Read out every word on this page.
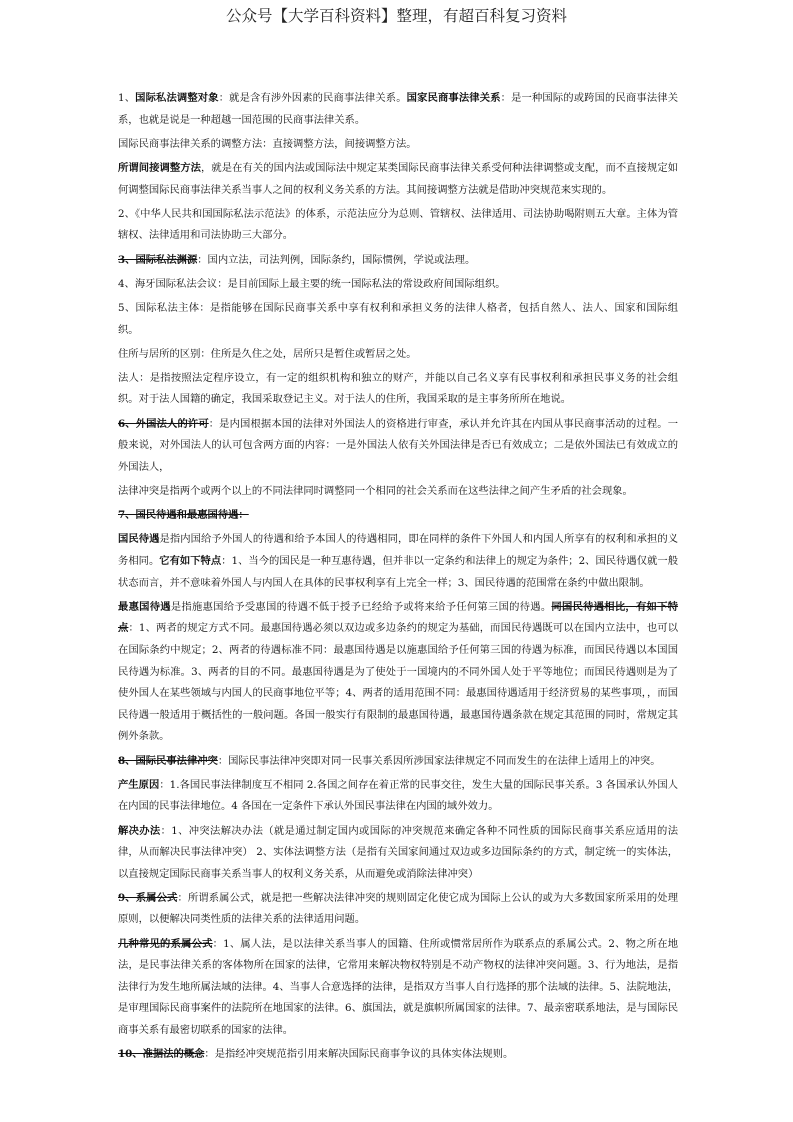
公众号【大学百科资料】整理，有超百科复习资料

1、国际私法调整对象：就是含有涉外因素的民商事法律关系。国家民商事法律关系：是一种国际的或跨国的民商事法律关系，也就是说是一种超越一国范围的民商事法律关系。

国际民商事法律关系的调整方法：直接调整方法，间接调整方法。

所谓间接调整方法，就是在有关的国内法或国际法中规定某类国际民商事法律关系受何种法律调整或支配，而不直接规定如何调整国际民商事法律关系当事人之间的权利义务关系的方法。其间接调整方法就是借助冲突规范来实现的。

2、《中华人民共和国国际私法示范法》的体系，示范法应分为总则、管辖权、法律适用、司法协助喝附则五大章。主体为管辖权、法律适用和司法协助三大部分。

3、国际私法渊源：国内立法，司法判例，国际条约，国际惯例，学说或法理。

4、海牙国际私法会议：是目前国际上最主要的统一国际私法的常设政府间国际组织。

5、国际私法主体：是指能够在国际民商事关系中享有权利和承担义务的法律人格者，包括自然人、法人、国家和国际组织。

住所与居所的区别：住所是久住之处，居所只是暂住或暂居之处。

法人：是指按照法定程序设立，有一定的组织机构和独立的财产，并能以自己名义享有民事权利和承担民事义务的社会组织。对于法人国籍的确定，我国采取登记主义。对于法人的住所，我国采取的是主事务所所在地说。

6、外国法人的许可：是内国根据本国的法律对外国法人的资格进行审查，承认并允许其在内国从事民商事活动的过程。一般来说，对外国法人的认可包含两方面的内容：一是外国法人依有关外国法律是否已有效成立；二是依外国法已有效成立的外国法人，

法律冲突是指两个或两个以上的不同法律同时调整同一个相同的社会关系而在这些法律之间产生矛盾的社会现象。

7、国民待遇和最惠国待遇：

国民待遇是指内国给予外国人的待遇和给予本国人的待遇相同，即在同样的条件下外国人和内国人所享有的权利和承担的义务相同。它有如下特点：1、当今的国民是一种互惠待遇，但并非以一定条约和法律上的规定为条件；2、国民待遇仅就一般状态而言，并不意味着外国人与内国人在具体的民事权利享有上完全一样；3、国民待遇的范围常在条约中做出限制。

最惠国待遇是指施惠国给予受惠国的待遇不低于授予已经给予或将来给予任何第三国的待遇。同国民待遇相比，有如下特点：1、两者的规定方式不同。最惠国待遇必须以双边或多边条约的规定为基础，而国民待遇既可以在国内立法中，也可以在国际条约中规定；2、两者的待遇标准不同：最惠国待遇是以施惠国给予任何第三国的待遇为标准，而国民待遇以本国国民待遇为标准。3、两者的目的不同。最惠国待遇是为了使处于一国境内的不同外国人处于平等地位；而国民待遇则是为了使外国人在某些领域与内国人的民商事地位平等；4、两者的适用范围不同：最惠国待遇适用于经济贸易的某些事项，，而国民待遇一般适用于概括性的一般问题。各国一般实行有限制的最惠国待遇，最惠国待遇条款在规定其范围的同时，常规定其例外条款。

8、国际民事法律冲突：国际民事法律冲突即对同一民事关系因所涉国家法律规定不同而发生的在法律上适用上的冲突。

产生原因：1.各国民事法律制度互不相同 2.各国之间存在着正常的民事交往，发生大量的国际民事关系。3 各国承认外国人在内国的民事法律地位。4 各国在一定条件下承认外国民事法律在内国的域外效力。

解决办法：1、冲突法解决办法（就是通过制定国内或国际的冲突规范来确定各种不同性质的国际民商事关系应适用的法律，从而解决民事法律冲突） 2、实体法调整方法（是指有关国家间通过双边或多边国际条约的方式，制定统一的实体法，以直接规定国际民商事关系当事人的权利义务关系，从而避免或消除法律冲突）

9、系属公式：所谓系属公式，就是把一些解决法律冲突的规则固定化使它成为国际上公认的或为大多数国家所采用的处理原则，以便解决同类性质的法律关系的法律适用问题。

几种常见的系属公式：1、属人法，是以法律关系当事人的国籍、住所或惯常居所作为联系点的系属公式。2、物之所在地法，是民事法律关系的客体物所在国家的法律，它常用来解决物权特别是不动产物权的法律冲突问题。3、行为地法，是指法律行为发生地所属法域的法律。4、当事人合意选择的法律，是指双方当事人自行选择的那个法域的法律。5、法院地法，是审理国际民商事案件的法院所在地国家的法律。6、旗国法，就是旗帜所属国家的法律。7、最亲密联系地法，是与国际民商事关系有最密切联系的国家的法律。

10、准据法的概念：是指经冲突规范指引用来解决国际民商事争议的具体实体法规则。
